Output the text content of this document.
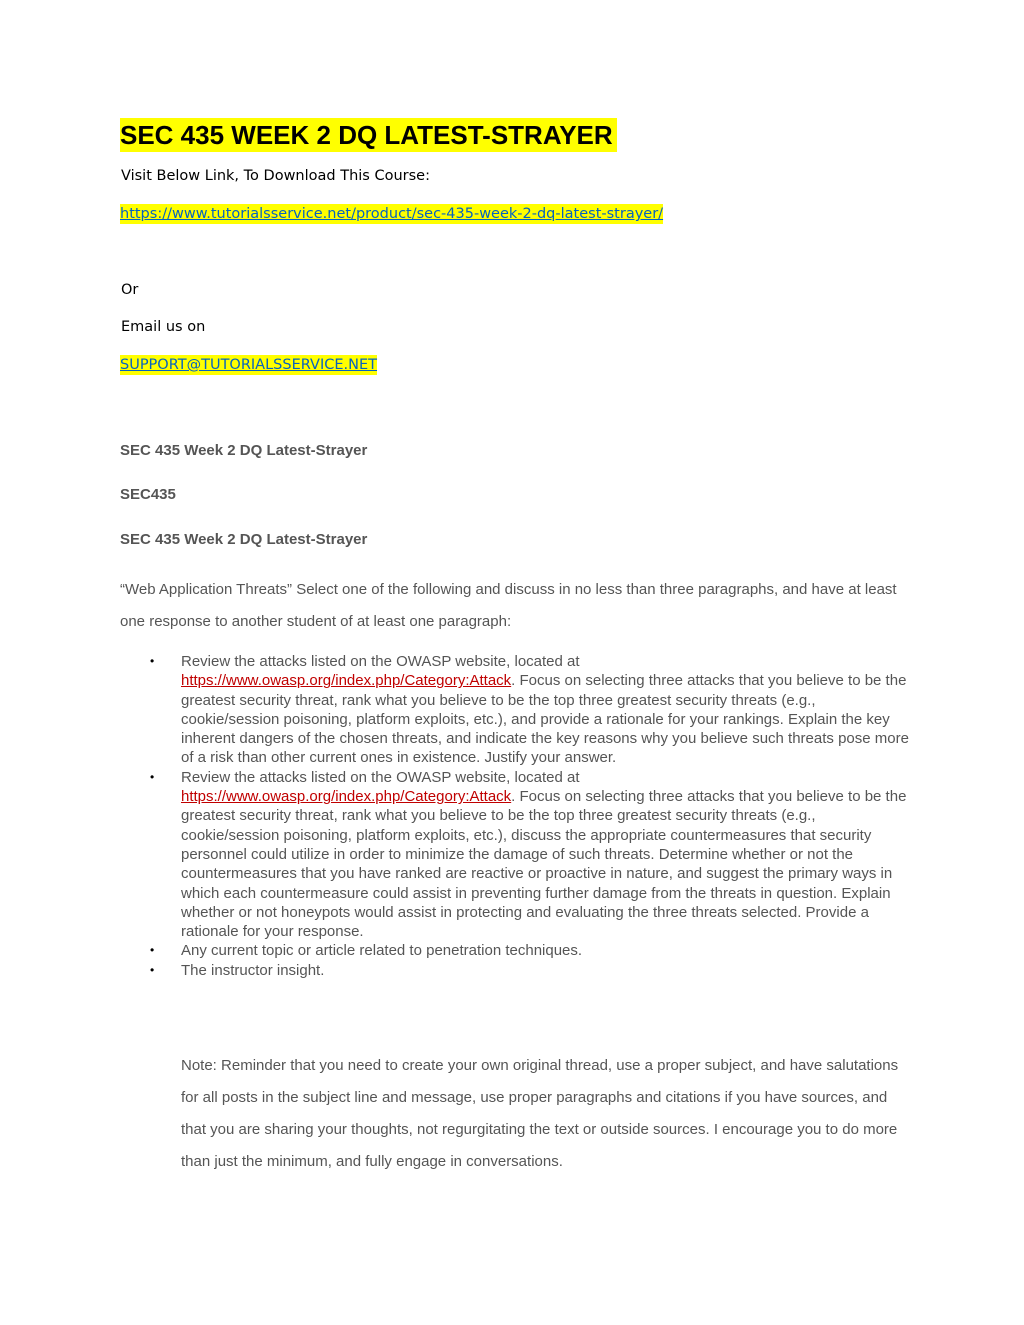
SEC 435 WEEK 2 DQ LATEST-STRAYER
Visit Below Link, To Download This Course:
https://www.tutorialsservice.net/product/sec-435-week-2-dq-latest-strayer/
Or
Email us on
SUPPORT@TUTORIALSSERVICE.NET
SEC 435 Week 2 DQ Latest-Strayer
SEC435
SEC 435 Week 2 DQ Latest-Strayer
“Web Application Threats” Select one of the following and discuss in no less than three paragraphs, and have at least one response to another student of at least one paragraph:
• Review the attacks listed on the OWASP website, located at https://www.owasp.org/index.php/Category:Attack. Focus on selecting three attacks that you believe to be the greatest security threat, rank what you believe to be the top three greatest security threats (e.g., cookie/session poisoning, platform exploits, etc.), and provide a rationale for your rankings. Explain the key inherent dangers of the chosen threats, and indicate the key reasons why you believe such threats pose more of a risk than other current ones in existence. Justify your answer.
• Review the attacks listed on the OWASP website, located at https://www.owasp.org/index.php/Category:Attack. Focus on selecting three attacks that you believe to be the greatest security threat, rank what you believe to be the top three greatest security threats (e.g., cookie/session poisoning, platform exploits, etc.), discuss the appropriate countermeasures that security personnel could utilize in order to minimize the damage of such threats. Determine whether or not the countermeasures that you have ranked are reactive or proactive in nature, and suggest the primary ways in which each countermeasure could assist in preventing further damage from the threats in question. Explain whether or not honeypots would assist in protecting and evaluating the three threats selected. Provide a rationale for your response.
• Any current topic or article related to penetration techniques.
• The instructor insight.
Note: Reminder that you need to create your own original thread, use a proper subject, and have salutations for all posts in the subject line and message, use proper paragraphs and citations if you have sources, and that you are sharing your thoughts, not regurgitating the text or outside sources. I encourage you to do more than just the minimum, and fully engage in conversations.
